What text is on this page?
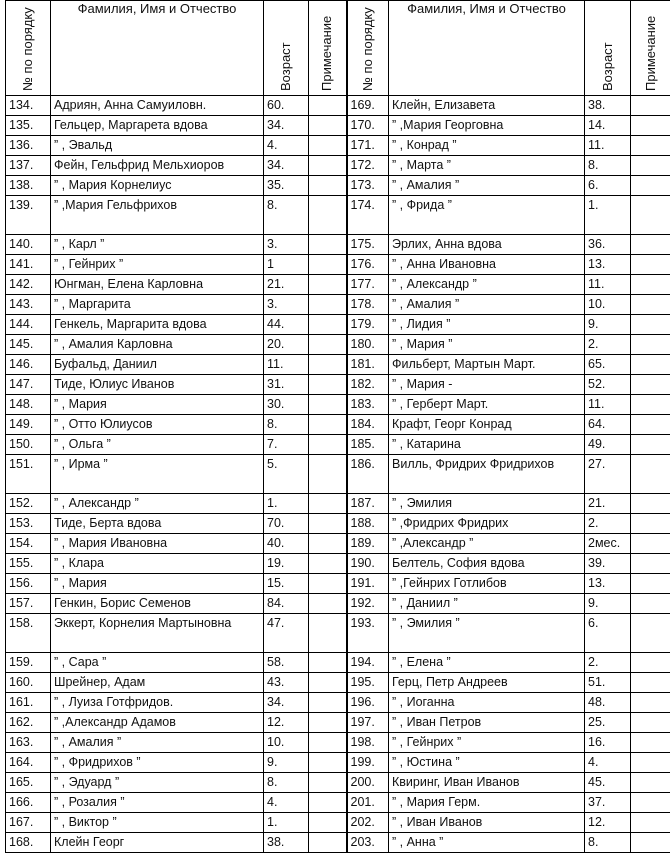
№ по порядку	Фамилия, Имя и Отчество	Возраст	Примечание	№ по порядку	Фамилия, Имя и Отчество	Возраст	Примечание

134.	Адриян, Анна Самуиловн.	60.		169.	Клейн, Елизавета	38.	
135.	Гельцер, Маргарета вдова	34.		170.	” ,Мария Георговна	14.	
136.	” , Эвальд	4.		171.	” , Конрад ”	11.	
137.	Фейн, Гельфрид Мельхиоров	34.		172.	” , Марта ”	8.	
138.	” , Мария Корнелиус	35.		173.	” , Амалия ”	6.	
139.	” ,Мария Гельфрихов	8.		174.	” , Фрида ”	1.	
140.	” , Карл ”	3.		175.	Эрлих, Анна вдова	36.	
141.	” , Гейнрих ”	1		176.	” , Анна Ивановна	13.	
142.	Юнгман, Елена Карловна	21.		177.	” , Александр ”	11.	
143.	” , Маргарита	3.		178.	” , Амалия ”	10.	
144.	Генкель, Маргарита вдова	44.		179.	” , Лидия ”	9.	
145.	” , Амалия Карловна	20.		180.	” , Мария ”	2.	
146.	Буфальд, Даниил	11.		181.	Фильберт, Мартын Март.	65.	
147.	Тиде, Юлиус Иванов	31.		182.	” , Мария -	52.	
148.	” , Мария	30.		183.	” , Герберт Март.	11.	
149.	” , Отто Юлиусов	8.		184.	Крафт, Георг Конрад	64.	
150.	” , Ольга ”	7.		185.	” , Катарина	49.	
151.	” , Ирма ”	5.		186.	Вилль, Фридрих Фридрихов	27.	
152.	” , Александр ”	1.		187.	” , Эмилия	21.	
153.	Тиде, Берта вдова	70.		188.	” ,Фридрих Фридрих	2.	
154.	” , Мария Ивановна	40.		189.	” ,Александр ”	2мес.	
155.	” , Клара	19.		190.	Белтель, София вдова	39.	
156.	” , Мария	15.		191.	” ,Гейнрих Готлибов	13.	
157.	Генкин, Борис Семенов	84.		192.	” , Даниил ”	9.	
158.	Эккерт, Корнелия Мартыновна	47.		193.	” , Эмилия ”	6.	
159.	” , Сара ”	58.		194.	” , Елена ”	2.	
160.	Шрейнер, Адам	43.		195.	Герц, Петр Андреев	51.	
161.	” , Луиза Готфридов.	34.		196.	” , Иоганна	48.	
162.	” ,Александр Адамов	12.		197.	” , Иван Петров	25.	
163.	” , Амалия ”	10.		198.	” , Гейнрих ”	16.	
164.	” , Фридрихов ”	9.		199.	” , Юстина ”	4.	
165.	” , Эдуард ”	8.		200.	Квиринг, Иван Иванов	45.	
166.	” , Розалия ”	4.		201.	” , Мария Герм.	37.	
167.	” , Виктор ”	1.		202.	” , Иван Иванов	12.	
168.	Клейн Георг	38.		203.	” , Анна ”	8.	
